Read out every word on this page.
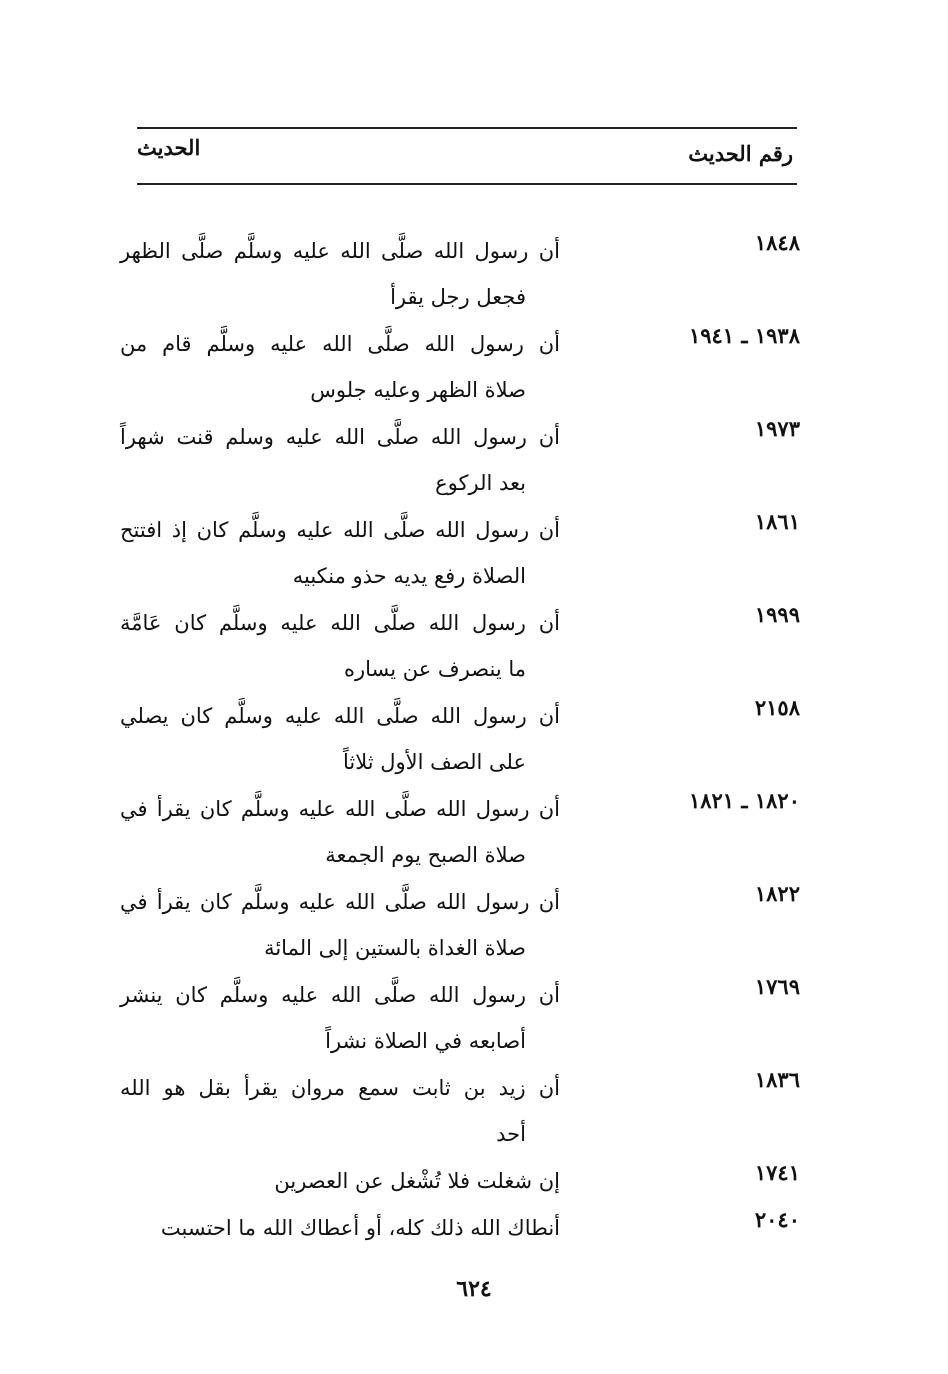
رقم الحديث
الحديث
١٨٤٨
أن رسول الله صلَّى الله عليه وسلَّم صلَّى الظهر
فجعل رجل يقرأ
١٩٣٨ ـ ١٩٤١
أن رسول الله صلَّى الله عليه وسلَّم قام من
صلاة الظهر وعليه جلوس
١٩٧٣
أن رسول الله صلَّى الله عليه وسلم قنت شهراً
بعد الركوع
١٨٦١
أن رسول الله صلَّى الله عليه وسلَّم كان إذ افتتح
الصلاة رفع يديه حذو منكبيه
١٩٩٩
أن رسول الله صلَّى الله عليه وسلَّم كان عَامَّة
ما ينصرف عن يساره
٢١٥٨
أن رسول الله صلَّى الله عليه وسلَّم كان يصلي
على الصف الأول ثلاثاً
١٨٢٠ ـ ١٨٢١
أن رسول الله صلَّى الله عليه وسلَّم كان يقرأ في
صلاة الصبح يوم الجمعة
١٨٢٢
أن رسول الله صلَّى الله عليه وسلَّم كان يقرأ في
صلاة الغداة بالستين إلى المائة
١٧٦٩
أن رسول الله صلَّى الله عليه وسلَّم كان ينشر
أصابعه في الصلاة نشراً
١٨٣٦
أن زيد بن ثابت سمع مروان يقرأ بقل هو الله
أحد
١٧٤١
إن شغلت فلا تُشْغل عن العصرين
٢٠٤٠
أنطاك الله ذلك كله، أو أعطاك الله ما احتسبت
٦٢٤
